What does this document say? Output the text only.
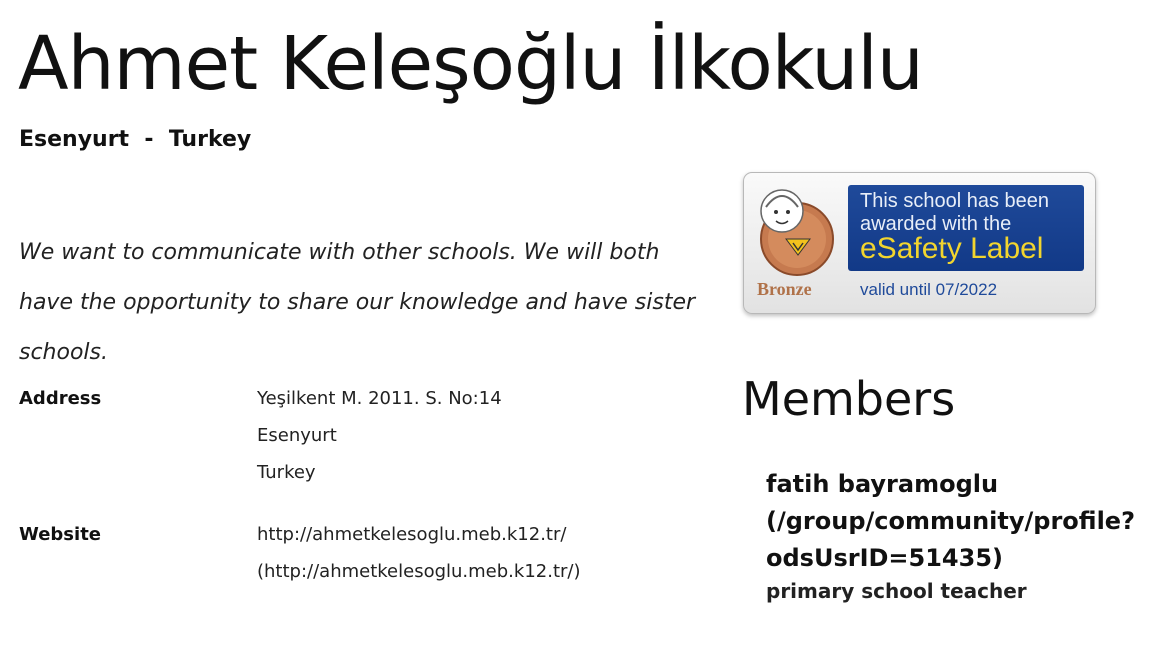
Ahmet Keleşoğlu İlkokulu
Esenyurt  -  Turkey

We want to communicate with other schools. We will both have the opportunity to share our knowledge and have sister schools.

Address	Yeşilkent M. 2011. S. No:14
Esenyurt
Turkey
Website	http://ahmetkelesoglu.meb.k12.tr/
(http://ahmetkelesoglu.meb.k12.tr/)
This school has been
awarded with the
eSafety Label
Bronze	valid until 07/2022
Members
fatih bayramoglu (/group/community/profile?odsUsrID=51435)
primary school teacher
